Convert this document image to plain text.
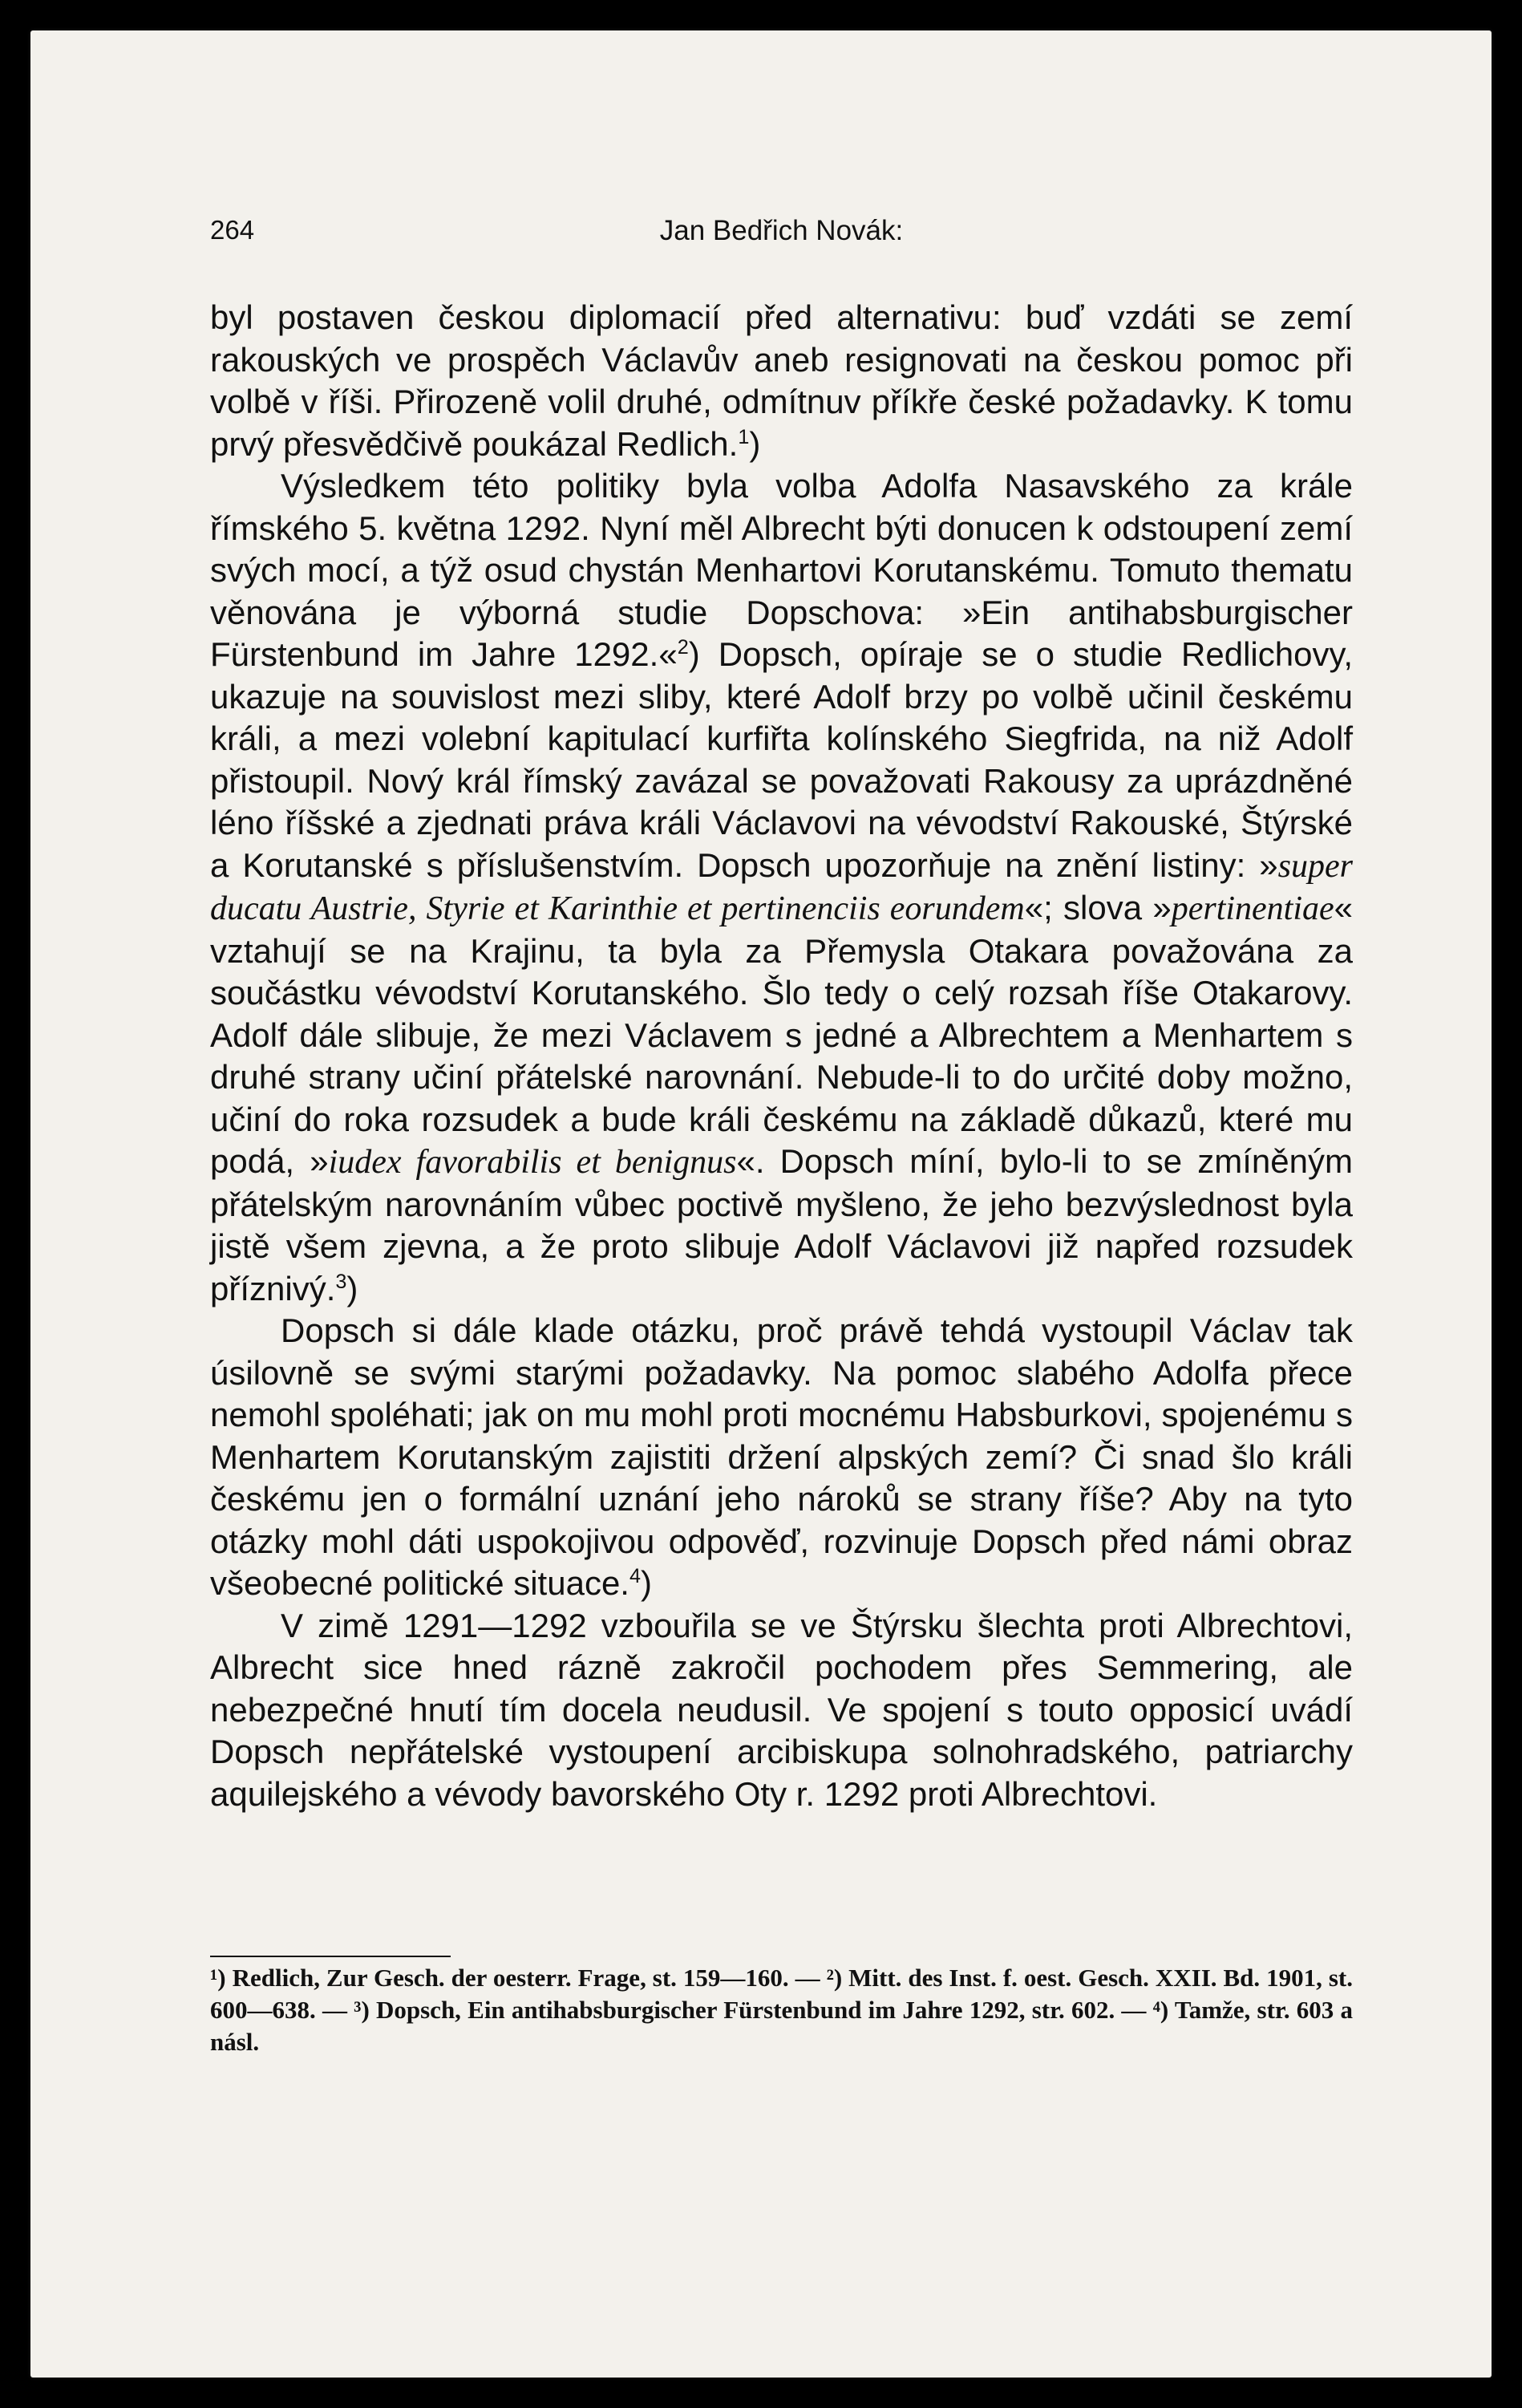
264	Jan Bedřich Novák:

byl postaven českou diplomacií před alternativu: buď vzdáti se zemí rakouských ve prospěch Václavův aneb resignovati na českou pomoc při volbě v říši. Přirozeně volil druhé, odmítnuv příkře české požadavky. K tomu prvý přesvědčivě poukázal Redlich.$^1$)

Výsledkem této politiky byla volba Adolfa Nasavského za krále římského 5. května 1292. Nyní měl Albrecht býti donucen k odstoupení zemí svých mocí, a týž osud chystán Menhartovi Korutanskému. Tomuto thematu věnována je výborná studie Dopschova: »Ein antihabsburgischer Fürstenbund im Jahre 1292.«$^2$) Dopsch, opíraje se o studie Redlichovy, ukazuje na souvislost mezi sliby, které Adolf brzy po volbě učinil českému králi, a mezi volební kapitulací kurfiřta kolínského Siegfrida, na niž Adolf přistoupil. Nový král římský zavázal se považovati Rakousy za uprázdněné léno říšské a zjednati práva králi Václavovi na vévodství Rakouské, Štýrské a Korutanské s příslušenstvím. Dopsch upozorňuje na znění listiny: »super ducatu Austrie, Styrie et Karinthie et pertinenciis eorundem«; slova »pertinentiae« vztahují se na Krajinu, ta byla za Přemysla Otakara považována za součástku vévodství Korutanského. Šlo tedy o celý rozsah říše Otakarovy. Adolf dále slibuje, že mezi Václavem s jedné a Albrechtem a Menhartem s druhé strany učiní přátelské narovnání. Nebude-li to do určité doby možno, učiní do roka rozsudek a bude králi českému na základě důkazů, které mu podá, »iudex favorabilis et benignus«. Dopsch míní, bylo-li to se zmíněným přátelským narovnáním vůbec poctivě myšleno, že jeho bezvýslednost byla jistě všem zjevna, a že proto slibuje Adolf Václavovi již napřed rozsudek příznivý.$^3$)

Dopsch si dále klade otázku, proč právě tehdá vystoupil Václav tak úsilovně se svými starými požadavky. Na pomoc slabého Adolfa přece nemohl spoléhati; jak on mu mohl proti mocnému Habsburkovi, spojenému s Menhartem Korutanským zajistiti držení alpských zemí? Či snad šlo králi českému jen o formální uznání jeho nároků se strany říše? Aby na tyto otázky mohl dáti uspokojivou odpověď, rozvinuje Dopsch před námi obraz všeobecné politické situace.$^4$)

V zimě 1291—1292 vzbouřila se ve Štýrsku šlechta proti Albrechtovi, Albrecht sice hned rázně zakročil pochodem přes Semmering, ale nebezpečné hnutí tím docela neudusil. Ve spojení s touto opposicí uvádí Dopsch nepřátelské vystoupení arcibiskupa solnohradského, patriarchy aquilejského a vévody bavorského Oty r. 1292 proti Albrechtovi.

¹) Redlich, Zur Gesch. der oesterr. Frage, st. 159—160. — ²) Mitt. des Inst. f. oest. Gesch. XXII. Bd. 1901, st. 600—638. — ³) Dopsch, Ein antihabsburgischer Fürstenbund im Jahre 1292, str. 602. — ⁴) Tamže, str. 603 a násl.
